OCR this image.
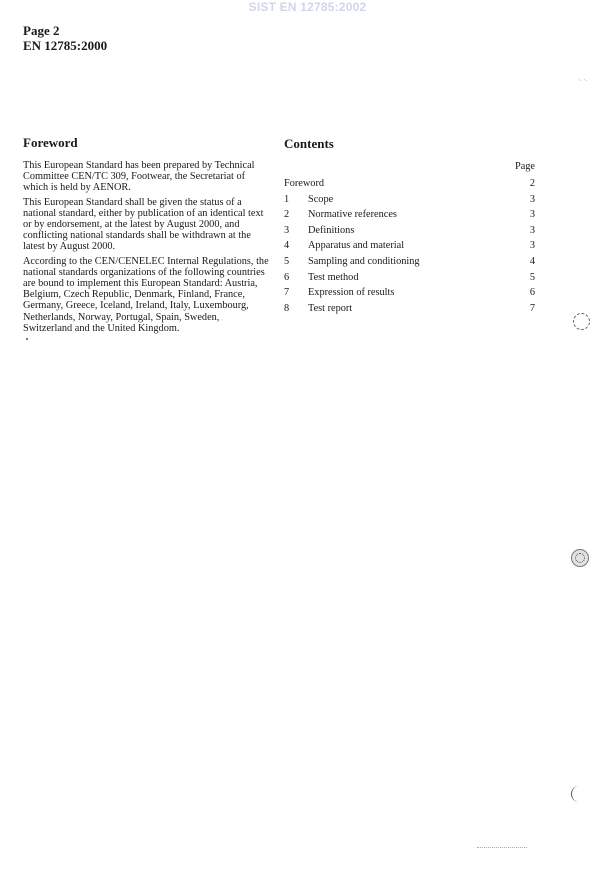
SIST EN 12785:2002
Page 2
EN 12785:2000
·. ·.
Foreword

This European Standard has been prepared by Technical Committee CEN/TC 309, Footwear, the Secretariat of which is held by AENOR.

This European Standard shall be given the status of a national standard, either by publication of an identical text or by endorsement, at the latest by August 2000, and conflicting national standards shall be withdrawn at the latest by August 2000.

According to the CEN/CENELEC Internal Regulations, the national standards organizations of the following countries are bound to implement this European Standard: Austria, Belgium, Czech Republic, Denmark, Finland, France, Germany, Greece, Iceland, Ireland, Italy, Luxembourg, Netherlands, Norway, Portugal, Spain, Sweden, Switzerland and the United Kingdom.

Contents
Page
Foreword	2
1	Scope	3
2	Normative references	3
3	Definitions	3
4	Apparatus and material	3
5	Sampling and conditioning	4
6	Test method	5
7	Expression of results	6
8	Test report	7
